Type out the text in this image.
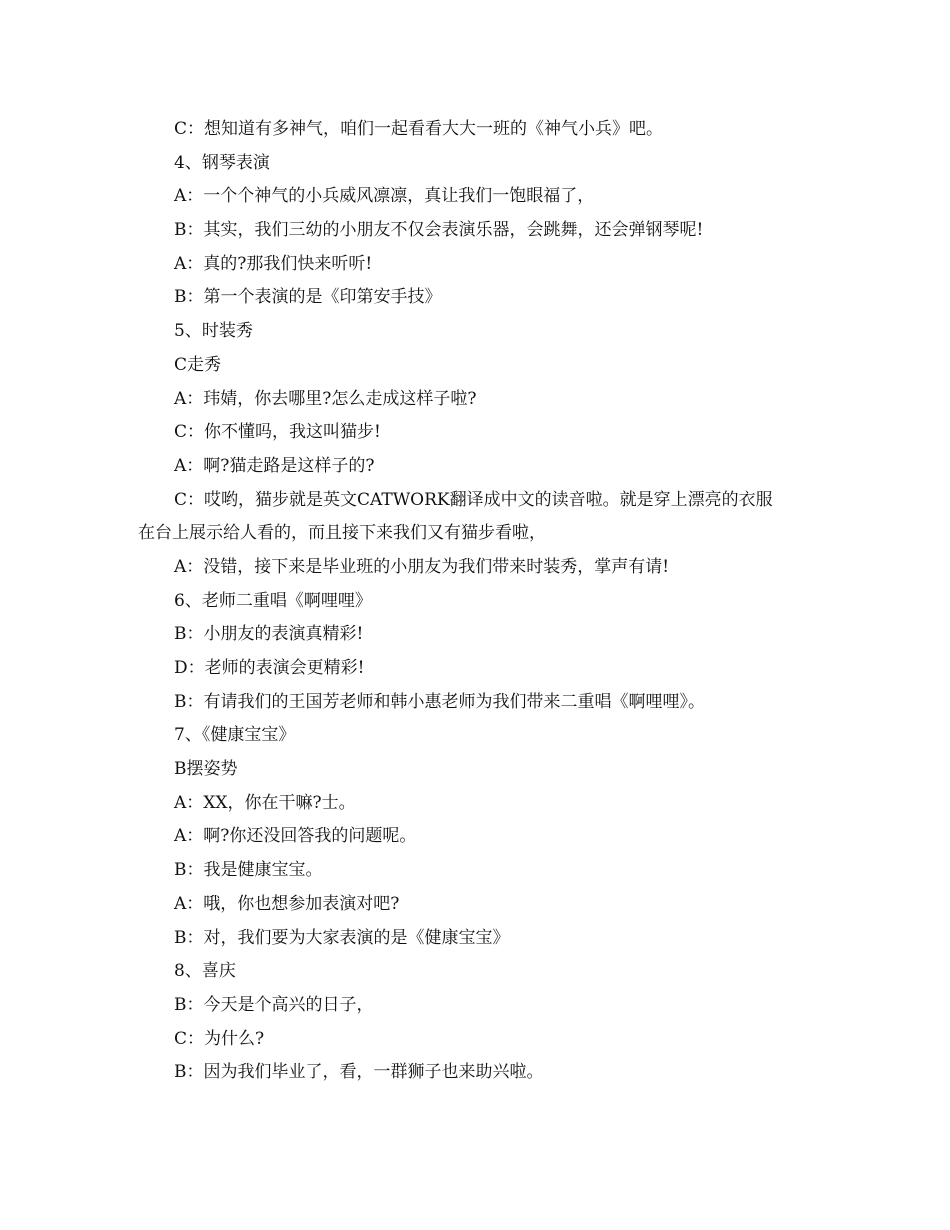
C：想知道有多神气，咱们一起看看大大一班的《神气小兵》吧。
4、钢琴表演
A：一个个神气的小兵威风凛凛，真让我们一饱眼福了，
B：其实，我们三幼的小朋友不仅会表演乐器，会跳舞，还会弹钢琴呢!
A：真的?那我们快来听听!
B：第一个表演的是《印第安手技》
5、时装秀
C走秀
A：玮婧，你去哪里?怎么走成这样子啦?
C：你不懂吗，我这叫猫步!
A：啊?猫走路是这样子的?
C：哎哟，猫步就是英文CATWORK翻译成中文的读音啦。就是穿上漂亮的衣服
在台上展示给人看的，而且接下来我们又有猫步看啦，
A：没错，接下来是毕业班的小朋友为我们带来时装秀，掌声有请!
6、老师二重唱《啊哩哩》
B：小朋友的表演真精彩!
D：老师的表演会更精彩!
B：有请我们的王国芳老师和韩小惠老师为我们带来二重唱《啊哩哩》。
7、《健康宝宝》
B摆姿势
A：XX，你在干嘛?士。
A：啊?你还没回答我的问题呢。
B：我是健康宝宝。
A：哦，你也想参加表演对吧?
B：对，我们要为大家表演的是《健康宝宝》
8、喜庆
B：今天是个高兴的日子，
C：为什么?
B：因为我们毕业了，看，一群狮子也来助兴啦。
